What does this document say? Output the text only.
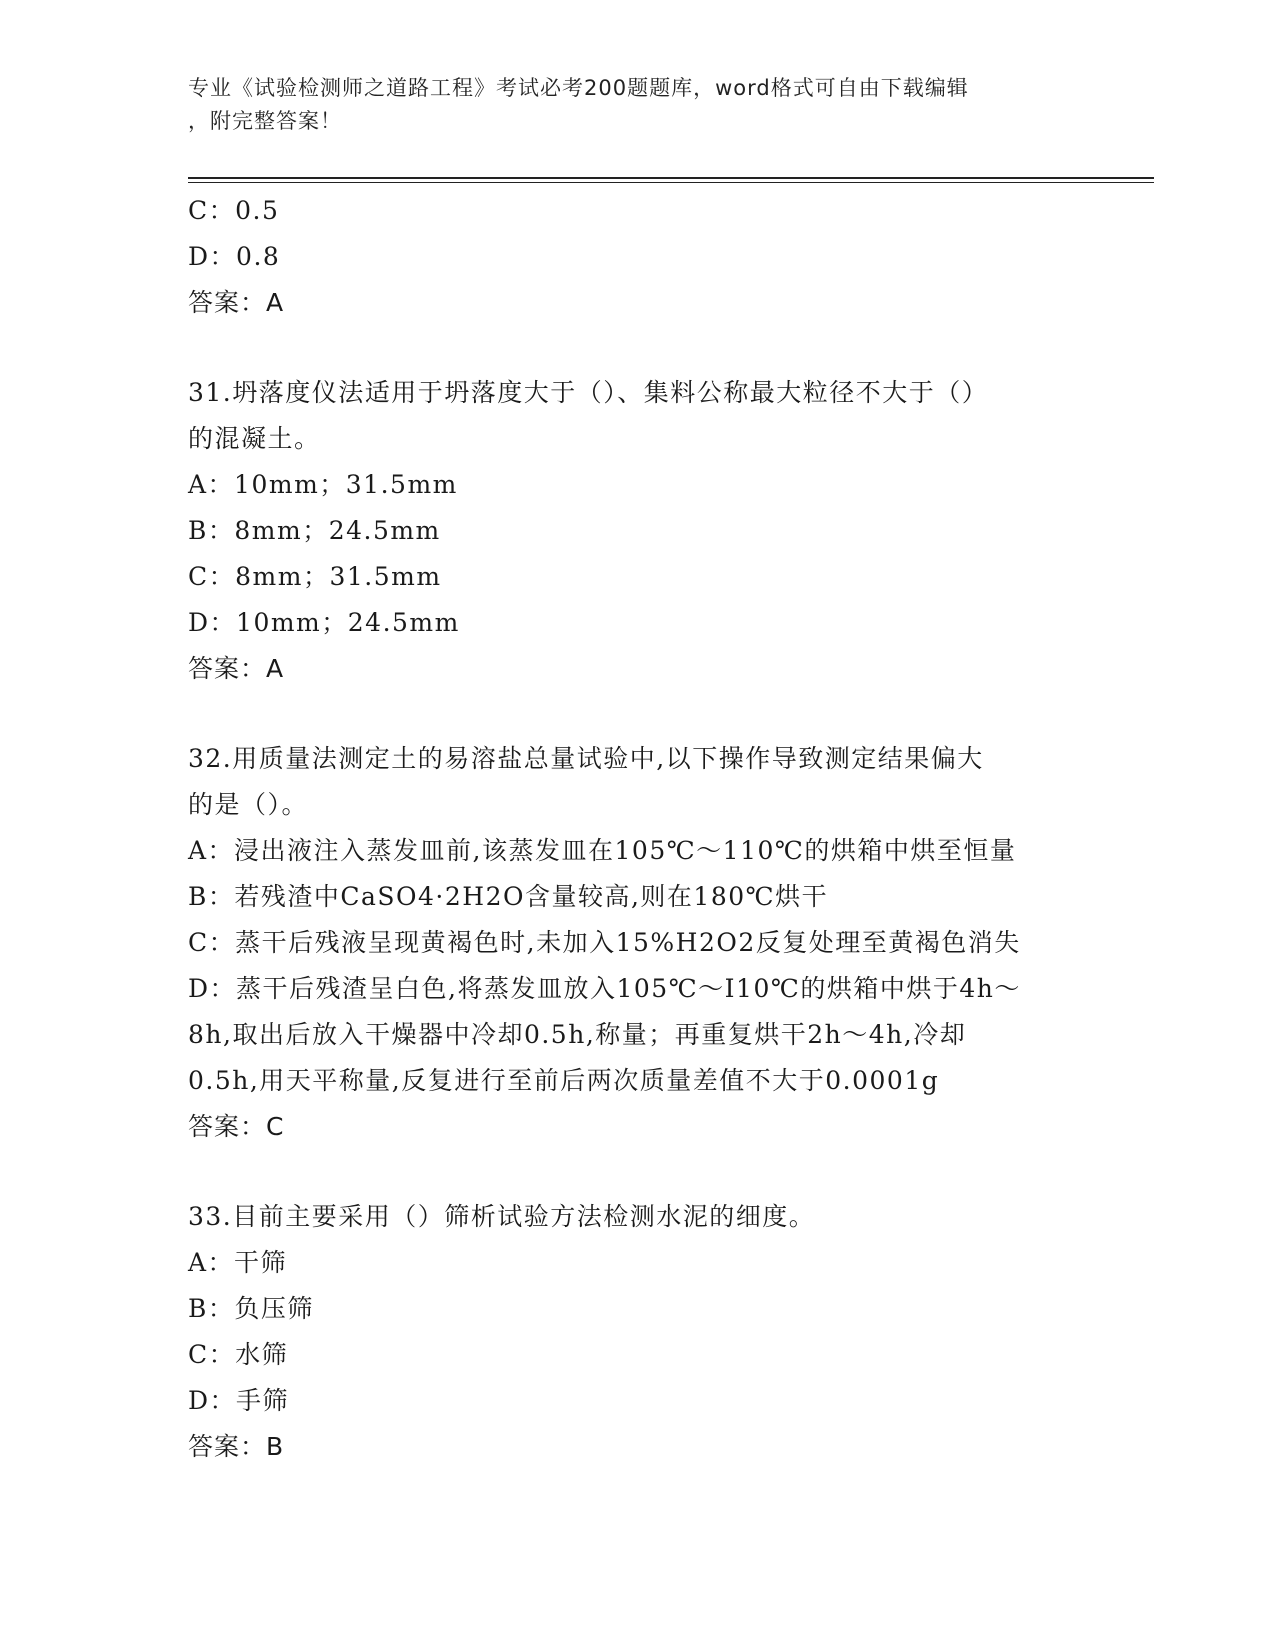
专业《试验检测师之道路工程》考试必考200题题库，word格式可自由下载编辑
，附完整答案！
C：0.5
D：0.8
答案：A
31.坍落度仪法适用于坍落度大于（）、集料公称最大粒径不大于（）
的混凝土。
A：10mm；31.5mm
B：8mm；24.5mm
C：8mm；31.5mm
D：10mm；24.5mm
答案：A
32.用质量法测定土的易溶盐总量试验中,以下操作导致测定结果偏大
的是（）。
A：浸出液注入蒸发皿前,该蒸发皿在105℃～110℃的烘箱中烘至恒量
B：若残渣中CaSO4·2H2O含量较高,则在180℃烘干
C：蒸干后残液呈现黄褐色时,未加入15%H2O2反复处理至黄褐色消失
D：蒸干后残渣呈白色,将蒸发皿放入105℃～I10℃的烘箱中烘于4h～
8h,取出后放入干燥器中冷却0.5h,称量；再重复烘干2h～4h,冷却
0.5h,用天平称量,反复进行至前后两次质量差值不大于0.0001g
答案：C
33.目前主要采用（）筛析试验方法检测水泥的细度。
A：干筛
B：负压筛
C：水筛
D：手筛
答案：B
